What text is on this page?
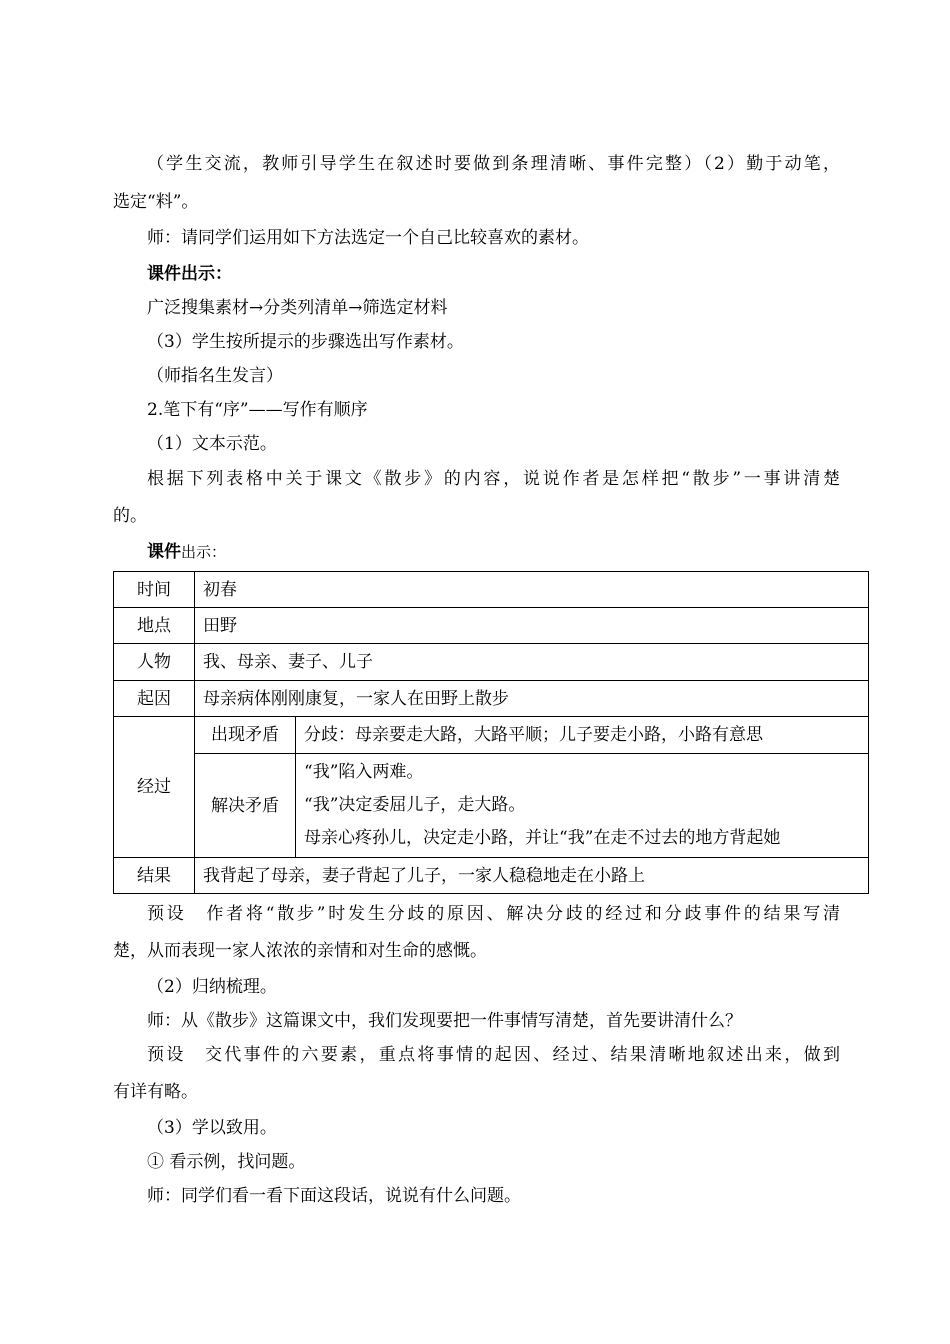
（学生交流，教师引导学生在叙述时要做到条理清晰、事件完整）（2）勤于动笔，
选定“料”。
师：请同学们运用如下方法选定一个自己比较喜欢的素材。
课件出示：
广泛搜集素材→分类列清单→筛选定材料
（3）学生按所提示的步骤选出写作素材。
（师指名生发言）
2.笔下有“序”——写作有顺序
（1）文本示范。
根据下列表格中关于课文《散步》的内容，说说作者是怎样把“散步”一事讲清楚
的。
课件出示：
时间	初春	
地点	田野	
人物	我、母亲、妻子、儿子	
起因	母亲病体刚刚康复，一家人在田野上散步	
经过	出现矛盾	分歧：母亲要走大路，大路平顺；儿子要走小路，小路有意思
	解决矛盾	“我”陷入两难。
“我”决定委屈儿子，走大路。
母亲心疼孙儿，决定走小路，并让“我”在走不过去的地方背起她

结果	我背起了母亲，妻子背起了儿子，一家人稳稳地走在小路上	
预设　作者将“散步”时发生分歧的原因、解决分歧的经过和分歧事件的结果写清
楚，从而表现一家人浓浓的亲情和对生命的感慨。
（2）归纳梳理。
师：从《散步》这篇课文中，我们发现要把一件事情写清楚，首先要讲清什么？
预设　交代事件的六要素，重点将事情的起因、经过、结果清晰地叙述出来，做到
有详有略。
（3）学以致用。
① 看示例，找问题。
师：同学们看一看下面这段话，说说有什么问题。
